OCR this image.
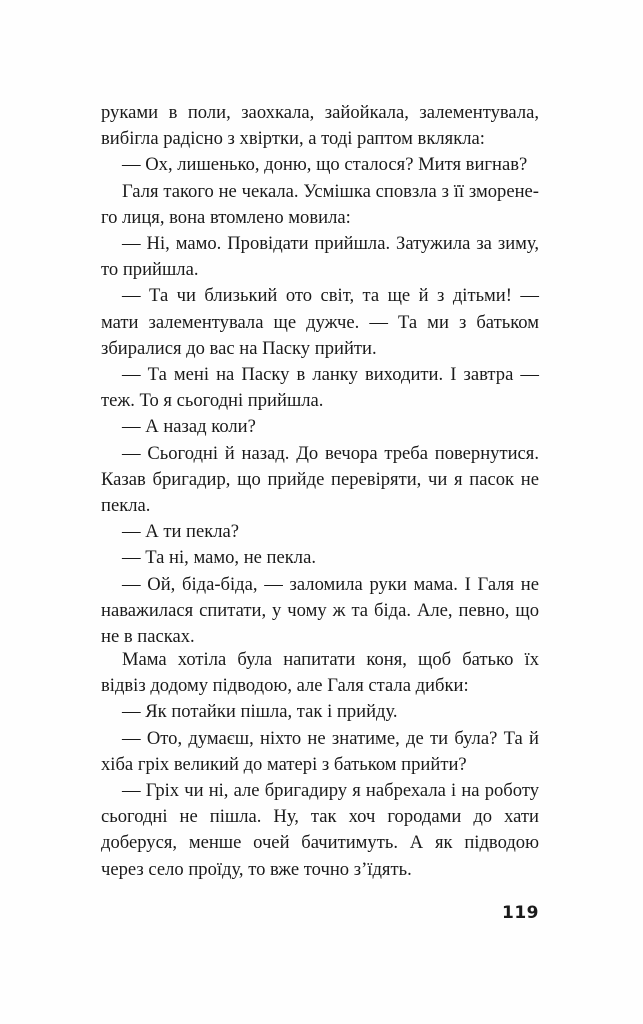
руками в поли, заохкала, зайойкала, залементувала, вибігла радісно з хвіртки, а тоді раптом вклякла:

— Ох, лишенько, доню, що сталося? Митя вигнав?

Галя такого не чекала. Усмішка сповзла з її зморенего лиця, вона втомлено мовила:

— Ні, мамо. Провідати прийшла. Затужила за зиму, то прийшла.

— Та чи близький ото світ, та ще й з дітьми! — мати залементувала ще дужче. — Та ми з батьком збиралися до вас на Паску прийти.

— Та мені на Паску в ланку виходити. І завтра — теж. То я сьогодні прийшла.

— А назад коли?

— Сьогодні й назад. До вечора треба повернутися. Казав бригадир, що прийде перевіряти, чи я пасок не пекла.

— А ти пекла?

— Та ні, мамо, не пекла.

— Ой, біда-біда, — заломила руки мама. І Галя не наважилася спитати, у чому ж та біда. Але, певно, що не в пасках.

Мама хотіла була напитати коня, щоб батько їх відвіз додому підводою, але Галя стала дибки:

— Як потайки пішла, так і прийду.

— Ото, думаєш, ніхто не знатиме, де ти була? Та й хіба гріх великий до матері з батьком прийти?

— Гріх чи ні, але бригадиру я набрехала і на роботу сьогодні не пішла. Ну, так хоч городами до хати доберуся, менше очей бачитимуть. А як підводою через село проїду, то вже точно з’їдять.

119
